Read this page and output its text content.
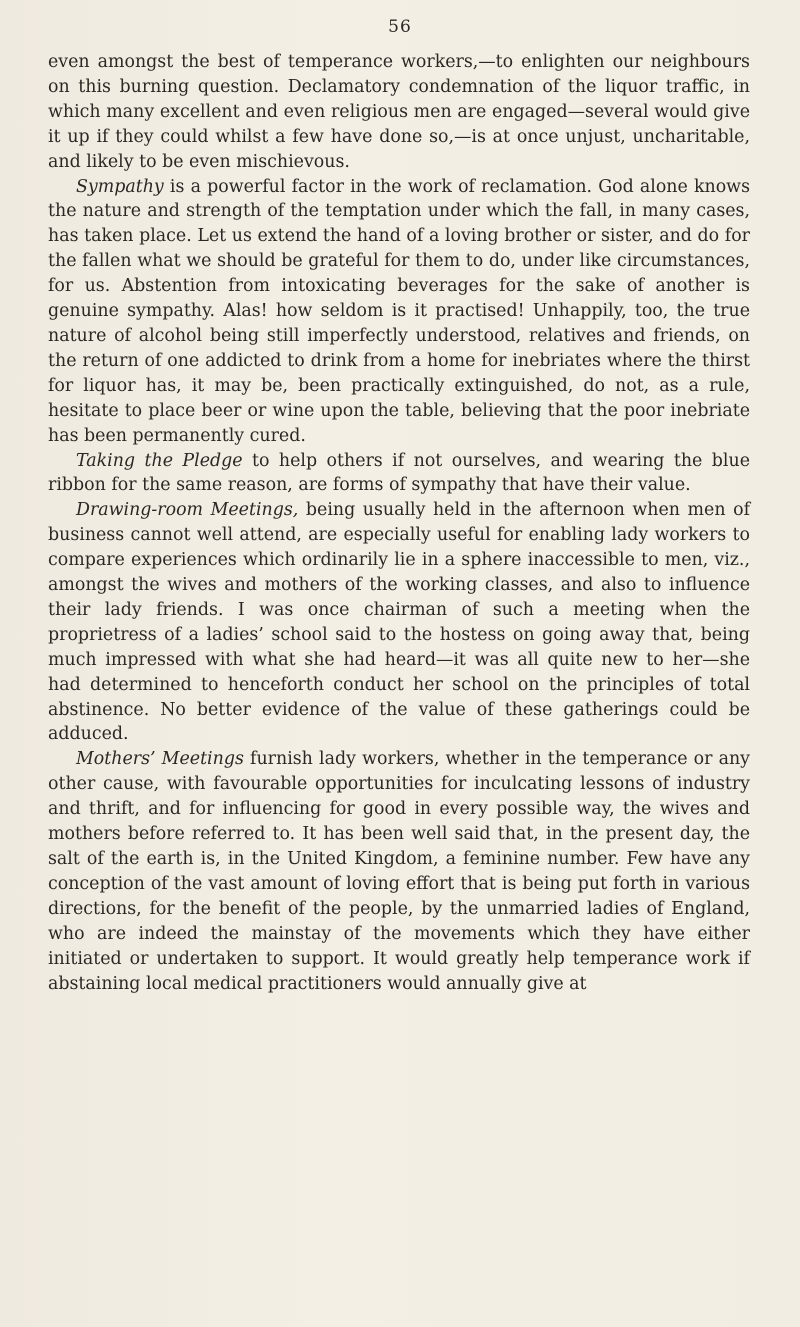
56

even amongst the best of temperance workers,—to enlighten our neighbours on this burning question. Declamatory condemnation of the liquor traffic, in which many excellent and even religious men are engaged—several would give it up if they could whilst a few have done so,—is at once unjust, uncharitable, and likely to be even mischievous.

Sympathy is a powerful factor in the work of reclamation. God alone knows the nature and strength of the temptation under which the fall, in many cases, has taken place. Let us extend the hand of a loving brother or sister, and do for the fallen what we should be grateful for them to do, under like circumstances, for us. Abstention from intoxicating beverages for the sake of another is genuine sympathy. Alas! how seldom is it practised! Unhappily, too, the true nature of alcohol being still imperfectly understood, relatives and friends, on the return of one addicted to drink from a home for inebriates where the thirst for liquor has, it may be, been practically extinguished, do not, as a rule, hesitate to place beer or wine upon the table, believing that the poor inebriate has been permanently cured.

Taking the Pledge to help others if not ourselves, and wearing the blue ribbon for the same reason, are forms of sympathy that have their value.

Drawing-room Meetings, being usually held in the afternoon when men of business cannot well attend, are especially useful for enabling lady workers to compare experiences which ordinarily lie in a sphere inaccessible to men, viz., amongst the wives and mothers of the working classes, and also to influence their lady friends. I was once chairman of such a meeting when the proprietress of a ladies’ school said to the hostess on going away that, being much impressed with what she had heard—it was all quite new to her—she had determined to henceforth conduct her school on the principles of total abstinence. No better evidence of the value of these gatherings could be adduced.

Mothers’ Meetings furnish lady workers, whether in the temperance or any other cause, with favourable opportunities for inculcating lessons of industry and thrift, and for influencing for good in every possible way, the wives and mothers before referred to. It has been well said that, in the present day, the salt of the earth is, in the United Kingdom, a feminine number. Few have any conception of the vast amount of loving effort that is being put forth in various directions, for the benefit of the people, by the unmarried ladies of England, who are indeed the mainstay of the movements which they have either initiated or undertaken to support. It would greatly help temperance work if abstaining local medical practitioners would annually give at
